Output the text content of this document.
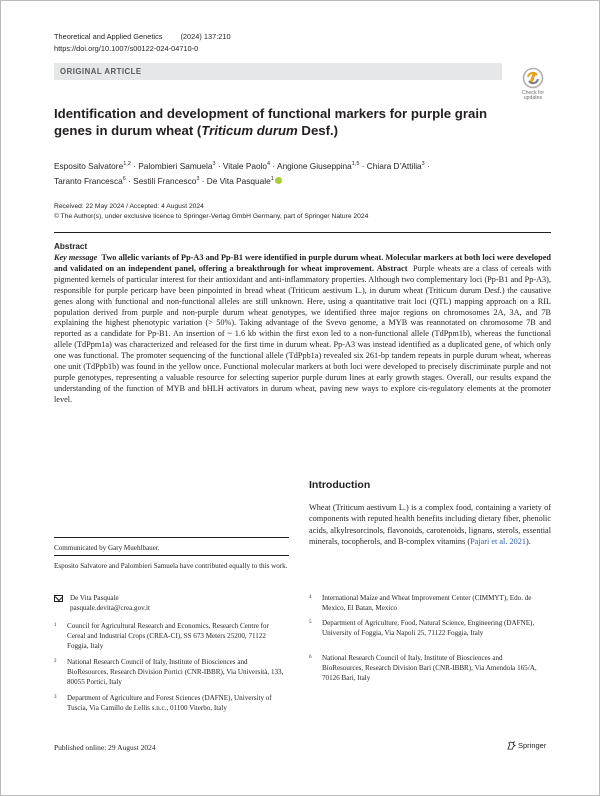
Theoretical and Applied Genetics (2024) 137:210
https://doi.org/10.1007/s00122-024-04710-0
ORIGINAL ARTICLE
Check for
updates
Identification and development of functional markers for purple grain genes in durum wheat (Triticum durum Desf.)
Esposito Salvatore$^{1,2}$ · Palombieri Samuela$^3$ · Vitale Paolo$^4$ · Angione Giuseppina$^{1,5}$ · Chiara D’Attilia$^3$ ·
Taranto Francesca$^6$ · Sestili Francesco$^3$ · De Vita Pasquale$^1$
Received: 22 May 2024 / Accepted: 4 August 2024
© The Author(s), under exclusive licence to Springer-Verlag GmbH Germany, part of Springer Nature 2024
Abstract
Key message Two allelic variants of Pp-A3 and Pp-B1 were identified in purple durum wheat. Molecular markers at both loci were developed and validated on an independent panel, offering a breakthrough for wheat improvement. Abstract Purple wheats are a class of cereals with pigmented kernels of particular interest for their antioxidant and anti-inflammatory properties. Although two complementary loci (Pp-B1 and Pp-A3), responsible for purple pericarp have been pinpointed in bread wheat (Triticum aestivum L.), in durum wheat (Triticum durum Desf.) the causative genes along with functional and non-functional alleles are still unknown. Here, using a quantitative trait loci (QTL) mapping approach on a RIL population derived from purple and non-purple durum wheat genotypes, we identified three major regions on chromosomes 2A, 3A, and 7B explaining the highest phenotypic variation (> 50%). Taking advantage of the Svevo genome, a MYB was reannotated on chromosome 7B and reported as a candidate for Pp-B1. An insertion of ~ 1.6 kb within the first exon led to a non-functional allele (TdPpm1b), whereas the functional allele (TdPpm1a) was characterized and released for the first time in durum wheat. Pp-A3 was instead identified as a duplicated gene, of which only one was functional. The promoter sequencing of the functional allele (TdPpb1a) revealed six 261-bp tandem repeats in purple durum wheat, whereas one unit (TdPpb1b) was found in the yellow once. Functional molecular markers at both loci were developed to precisely discriminate purple and not purple genotypes, representing a valuable resource for selecting superior purple durum lines at early growth stages. Overall, our results expand the understanding of the function of MYB and bHLH activators in durum wheat, paving new ways to explore cis-regulatory elements at the promoter level.
Introduction
Wheat (Triticum aestivum L.) is a complex food, containing a variety of components with reputed health benefits including dietary fiber, phenolic acids, alkylresorcinols, flavonoids, carotenoids, lignans, sterols, essential minerals, tocopherols, and B-complex vitamins (Pajari et al. 2021).
Communicated by Gary Muehlbauer.
Esposito Salvatore and Palombieri Samuela have contributed equally to this work.
De Vita Pasquale
pasquale.devita@crea.gov.it
1 Council for Agricultural Research and Economics, Research Centre for Cereal and Industrial Crops (CREA-CI), SS 673 Meters 25200, 71122 Foggia, Italy
2 National Research Council of Italy, Institute of Biosciences and BioResources, Research Division Portici (CNR-IBBR), Via Università, 133, 80055 Portici, Italy
3 Department of Agriculture and Forest Sciences (DAFNE), University of Tuscia, Via Camillo de Lellis s.n.c., 01100 Viterbo, Italy
4 International Maize and Wheat Improvement Center (CIMMYT), Edo. de Mexico, El Batan, Mexico
5 Department of Agriculture, Food, Natural Science, Engineering (DAFNE), University of Foggia, Via Napoli 25, 71122 Foggia, Italy
6 National Research Council of Italy, Institute of Biosciences and BioResources, Research Division Bari (CNR-IBBR), Via Amendola 165/A, 70126 Bari, Italy
Published online: 29 August 2024	Springer
